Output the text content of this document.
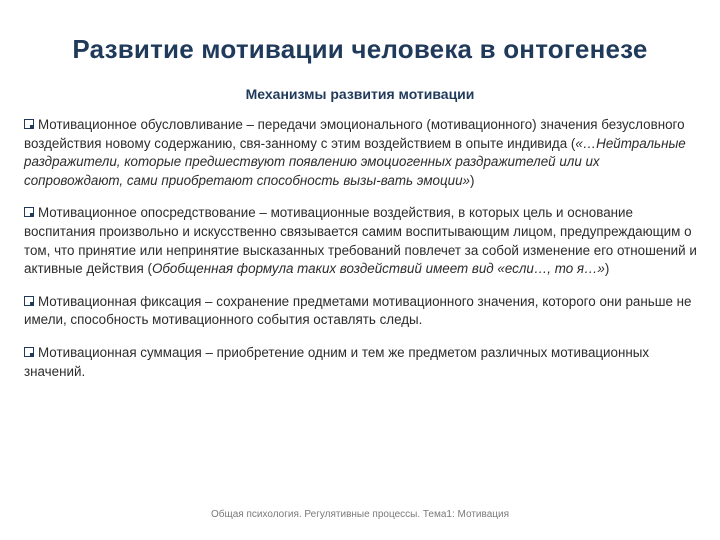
Развитие мотивации человека в онтогенезе
Механизмы развития мотивации
Мотивационное обусловливание – передачи эмоционального (мотивационного) значения безусловного воздействия новому содержанию, свя-занному с этим воздействием в опыте индивида («…Нейтральные раздражители, которые предшествуют появлению эмоциогенных раздражителей или их сопровождают, сами приобретают способность вызы-вать эмоции»)
Мотивационное опосредствование – мотивационные воздействия, в которых цель и основание воспитания произвольно и искусственно связывается самим воспитывающим лицом, предупреждающим о том, что принятие или непринятие высказанных требований повлечет за собой изменение его отношений и активные действия (Обобщенная формула таких воздействий имеет вид «если…, то я…»)
Мотивационная фиксация – сохранение предметами мотивационного значения, которого они раньше не имели, способность мотивационного события оставлять следы.
Мотивационная суммация – приобретение одним и тем же предметом различных мотивационных значений.
Общая психология. Регулятивные процессы. Тема1: Мотивация
